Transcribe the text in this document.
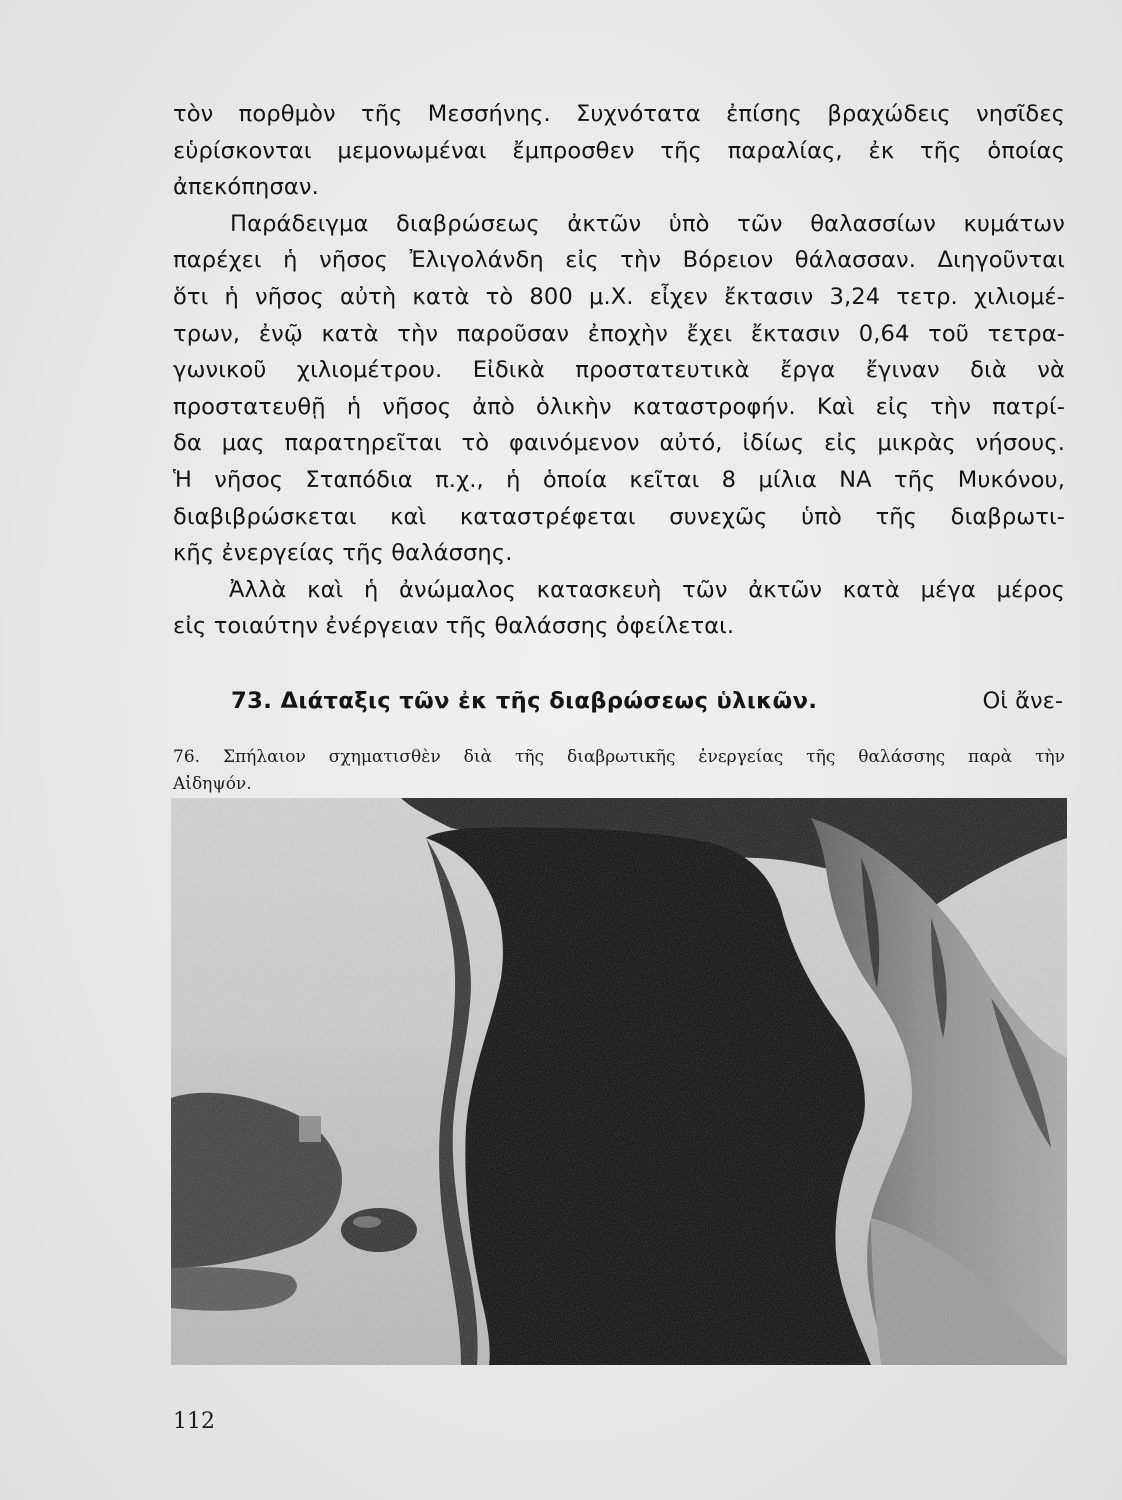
τὸν πορθμὸν τῆς Μεσσήνης. Συχνότατα ἐπίσης βραχώδεις νησῖδες
εὑρίσκονται μεμονωμέναι ἔμπροσθεν τῆς παραλίας, ἐκ τῆς ὁποίας
ἀπεκόπησαν.
Παράδειγμα διαβρώσεως ἀκτῶν ὑπὸ τῶν θαλασσίων κυμάτων
παρέχει ἡ νῆσος Ἐλιγολάνδη εἰς τὴν Βόρειον θάλασσαν. Διηγοῦνται
ὅτι ἡ νῆσος αὐτὴ κατὰ τὸ 800 μ.Χ. εἶχεν ἔκτασιν 3,24 τετρ. χιλιομέ-
τρων, ἐνῷ κατὰ τὴν παροῦσαν ἐποχὴν ἔχει ἔκτασιν 0,64 τοῦ τετρα-
γωνικοῦ χιλιομέτρου. Εἰδικὰ προστατευτικὰ ἔργα ἔγιναν διὰ νὰ
προστατευθῇ ἡ νῆσος ἀπὸ ὁλικὴν καταστροφήν. Καὶ εἰς τὴν πατρί-
δα μας παρατηρεῖται τὸ φαινόμενον αὐτό, ἰδίως εἰς μικρὰς νήσους.
Ἡ νῆσος Σταπόδια π.χ., ἡ ὁποία κεῖται 8 μίλια ΝΑ τῆς Μυκόνου,
διαβιβρώσκεται καὶ καταστρέφεται συνεχῶς ὑπὸ τῆς διαβρωτι-
κῆς ἐνεργείας τῆς θαλάσσης.
Ἀλλὰ καὶ ἡ ἀνώμαλος κατασκευὴ τῶν ἀκτῶν κατὰ μέγα μέρος
εἰς τοιαύτην ἐνέργειαν τῆς θαλάσσης ὀφείλεται.
73. Διάταξις τῶν ἐκ τῆς διαβρώσεως ὑλικῶν.	Οἱ ἄνε-
76. Σπήλαιον σχηματισθὲν διὰ τῆς διαβρωτικῆς ἐνεργείας τῆς θαλάσσης παρὰ τὴν
Αἰδηψόν.
112
